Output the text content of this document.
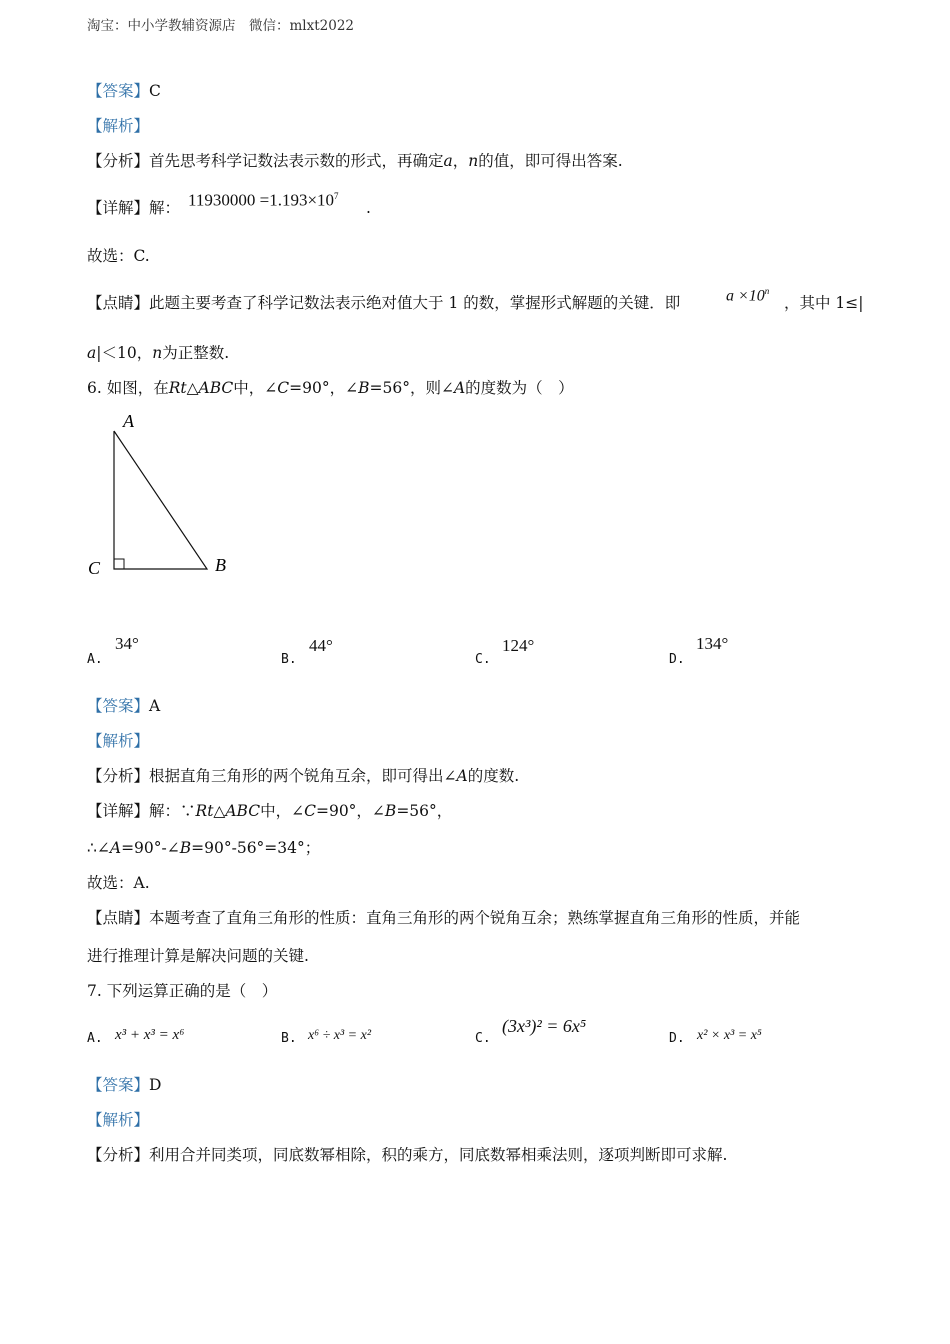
淘宝：中小学教辅资源店　微信：mlxt2022
【答案】C
【解析】
【分析】首先思考科学记数法表示数的形式，再确定a，n的值，即可得出答案.
【详解】解： $11930000 =1.193\times 10^7$
.
故选：C.
【点睛】此题主要考查了科学记数法表示绝对值大于 1 的数，掌握形式解题的关键．即	$a \times 10^n$
，其中 1≤|
a|＜10，n为正整数.
6. 如图，在Rt△ABC中，∠C=90°，∠B=56°，则∠A的度数为（　）
A
C	B
A.
34°
B.
44°
C.
124°
D.
134°
【答案】A
【解析】
【分析】根据直角三角形的两个锐角互余，即可得出∠A的度数.
【详解】解：∵Rt△ABC中，∠C=90°，∠B=56°，
∴∠A=90°-∠B=90°-56°=34°；
故选：A.
【点睛】本题考查了直角三角形的性质：直角三角形的两个锐角互余；熟练掌握直角三角形的性质，并能
进行推理计算是解决问题的关键.
7. 下列运算正确的是（　）
A. x³ + x³ = x⁶	B. x⁶ ÷ x³ = x²	C.
(3x³)² = 6x⁵
D. x² × x³ = x⁵
【答案】D
【解析】
【分析】利用合并同类项，同底数幂相除，积的乘方，同底数幂相乘法则，逐项判断即可求解.
